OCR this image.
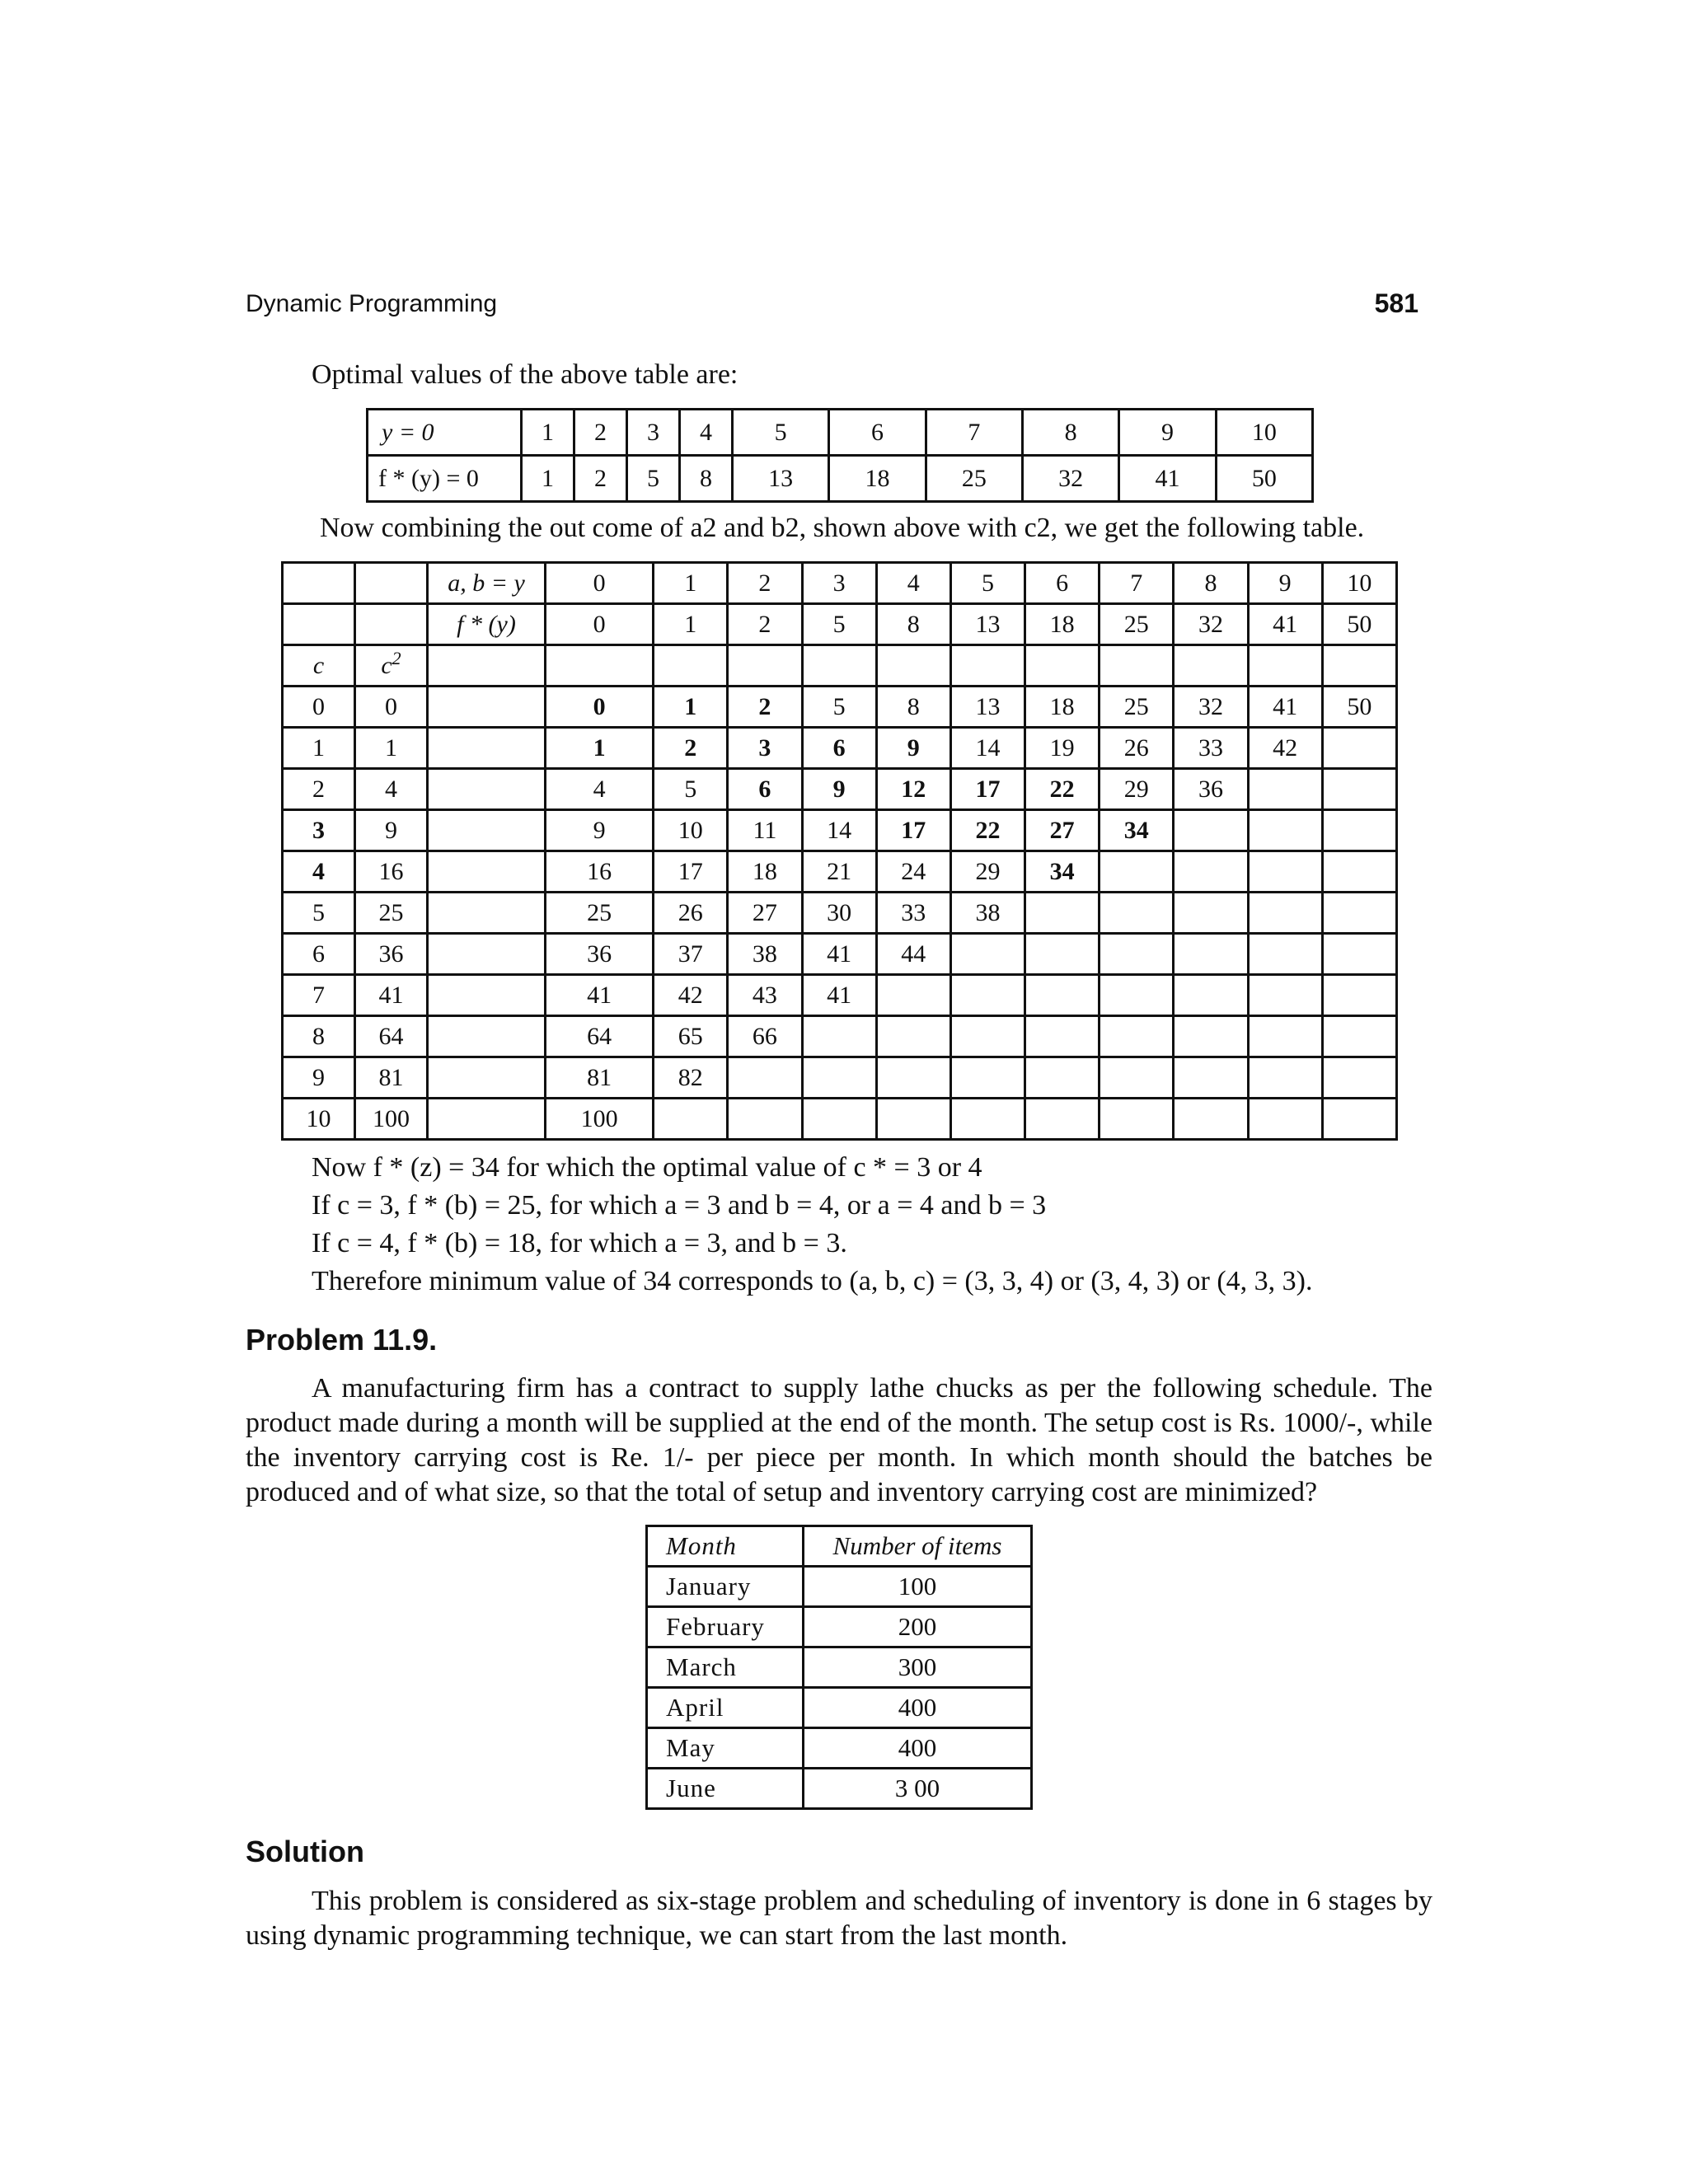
Dynamic Programming	581
Optimal values of the above table are:
y = 0	1	2	3	4	5	6	7	8	9	10
f * (y) = 0	1	2	5	8	13	18	25	32	41	50
Now combining the out come of a2 and b2, shown above with c2, we get the following table.
		a, b = y	0	1	2	3	4	5	6	7	8	9	10
		f * (y)	0	1	2	5	8	13	18	25	32	41	50
c	$c^2$												
0	0		0	1	2	5	8	13	18	25	32	41	50
1	1		1	2	3	6	9	14	19	26	33	42	
2	4		4	5	6	9	12	17	22	29	36		
3	9		9	10	11	14	17	22	27	34			
4	16		16	17	18	21	24	29	34				
5	25		25	26	27	30	33	38					
6	36		36	37	38	41	44						
7	41		41	42	43	41							
8	64		64	65	66								
9	81		81	82									
10	100		100										
Now f * (z) = 34 for which the optimal value of c * = 3 or 4
If c = 3, f * (b) = 25, for which a = 3 and b = 4, or a = 4 and b = 3
If c = 4, f * (b) = 18, for which a = 3, and b = 3.
Therefore minimum value of 34 corresponds to (a, b, c) = (3, 3, 4) or (3, 4, 3) or (4, 3, 3).
Problem 11.9.
A manufacturing firm has a contract to supply lathe chucks as per the following schedule. The product made during a month will be supplied at the end of the month. The setup cost is Rs. 1000/-, while the inventory carrying cost is Re. 1/- per piece per month. In which month should the batches be produced and of what size, so that the total of setup and inventory carrying cost are minimized?
Month	Number of items
January	100
February	200
March	300
April	400
May	400
June	3 00
Solution
This problem is considered as six-stage problem and scheduling of inventory is done in 6 stages by using dynamic programming technique, we can start from the last month.
